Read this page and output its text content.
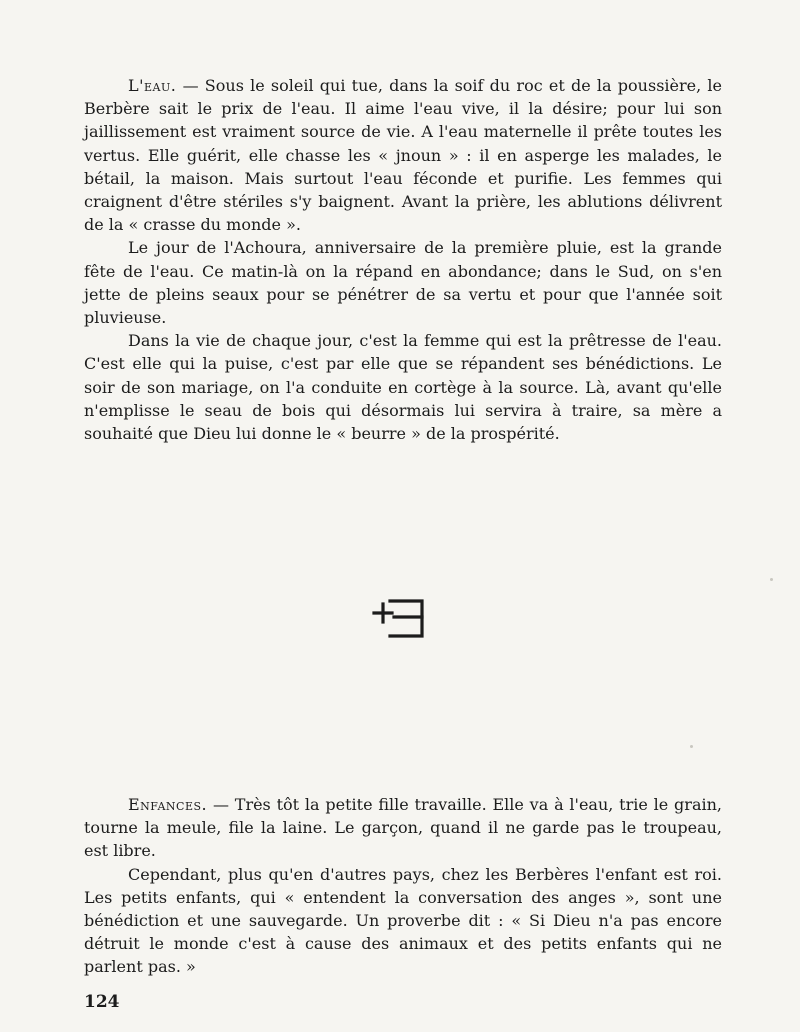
L'eau. — Sous le soleil qui tue, dans la soif du roc et de la poussière, le Berbère sait le prix de l'eau. Il aime l'eau vive, il la désire; pour lui son jaillissement est vraiment source de vie. A l'eau maternelle il prête toutes les vertus. Elle guérit, elle chasse les « jnoun » : il en asperge les malades, le bétail, la maison. Mais surtout l'eau féconde et purifie. Les femmes qui craignent d'être stériles s'y baignent. Avant la prière, les ablutions délivrent de la « crasse du monde ».

Le jour de l'Achoura, anniversaire de la première pluie, est la grande fête de l'eau. Ce matin-là on la répand en abondance; dans le Sud, on s'en jette de pleins seaux pour se pénétrer de sa vertu et pour que l'année soit pluvieuse.

Dans la vie de chaque jour, c'est la femme qui est la prêtresse de l'eau. C'est elle qui la puise, c'est par elle que se répandent ses bénédictions. Le soir de son mariage, on l'a conduite en cortège à la source. Là, avant qu'elle n'emplisse le seau de bois qui désormais lui servira à traire, sa mère a souhaité que Dieu lui donne le « beurre » de la prospérité.

Enfances. — Très tôt la petite fille travaille. Elle va à l'eau, trie le grain, tourne la meule, file la laine. Le garçon, quand il ne garde pas le troupeau, est libre.

Cependant, plus qu'en d'autres pays, chez les Berbères l'enfant est roi. Les petits enfants, qui « entendent la conversation des anges », sont une bénédiction et une sauvegarde. Un proverbe dit : « Si Dieu n'a pas encore détruit le monde c'est à cause des animaux et des petits enfants qui ne parlent pas. »

124
